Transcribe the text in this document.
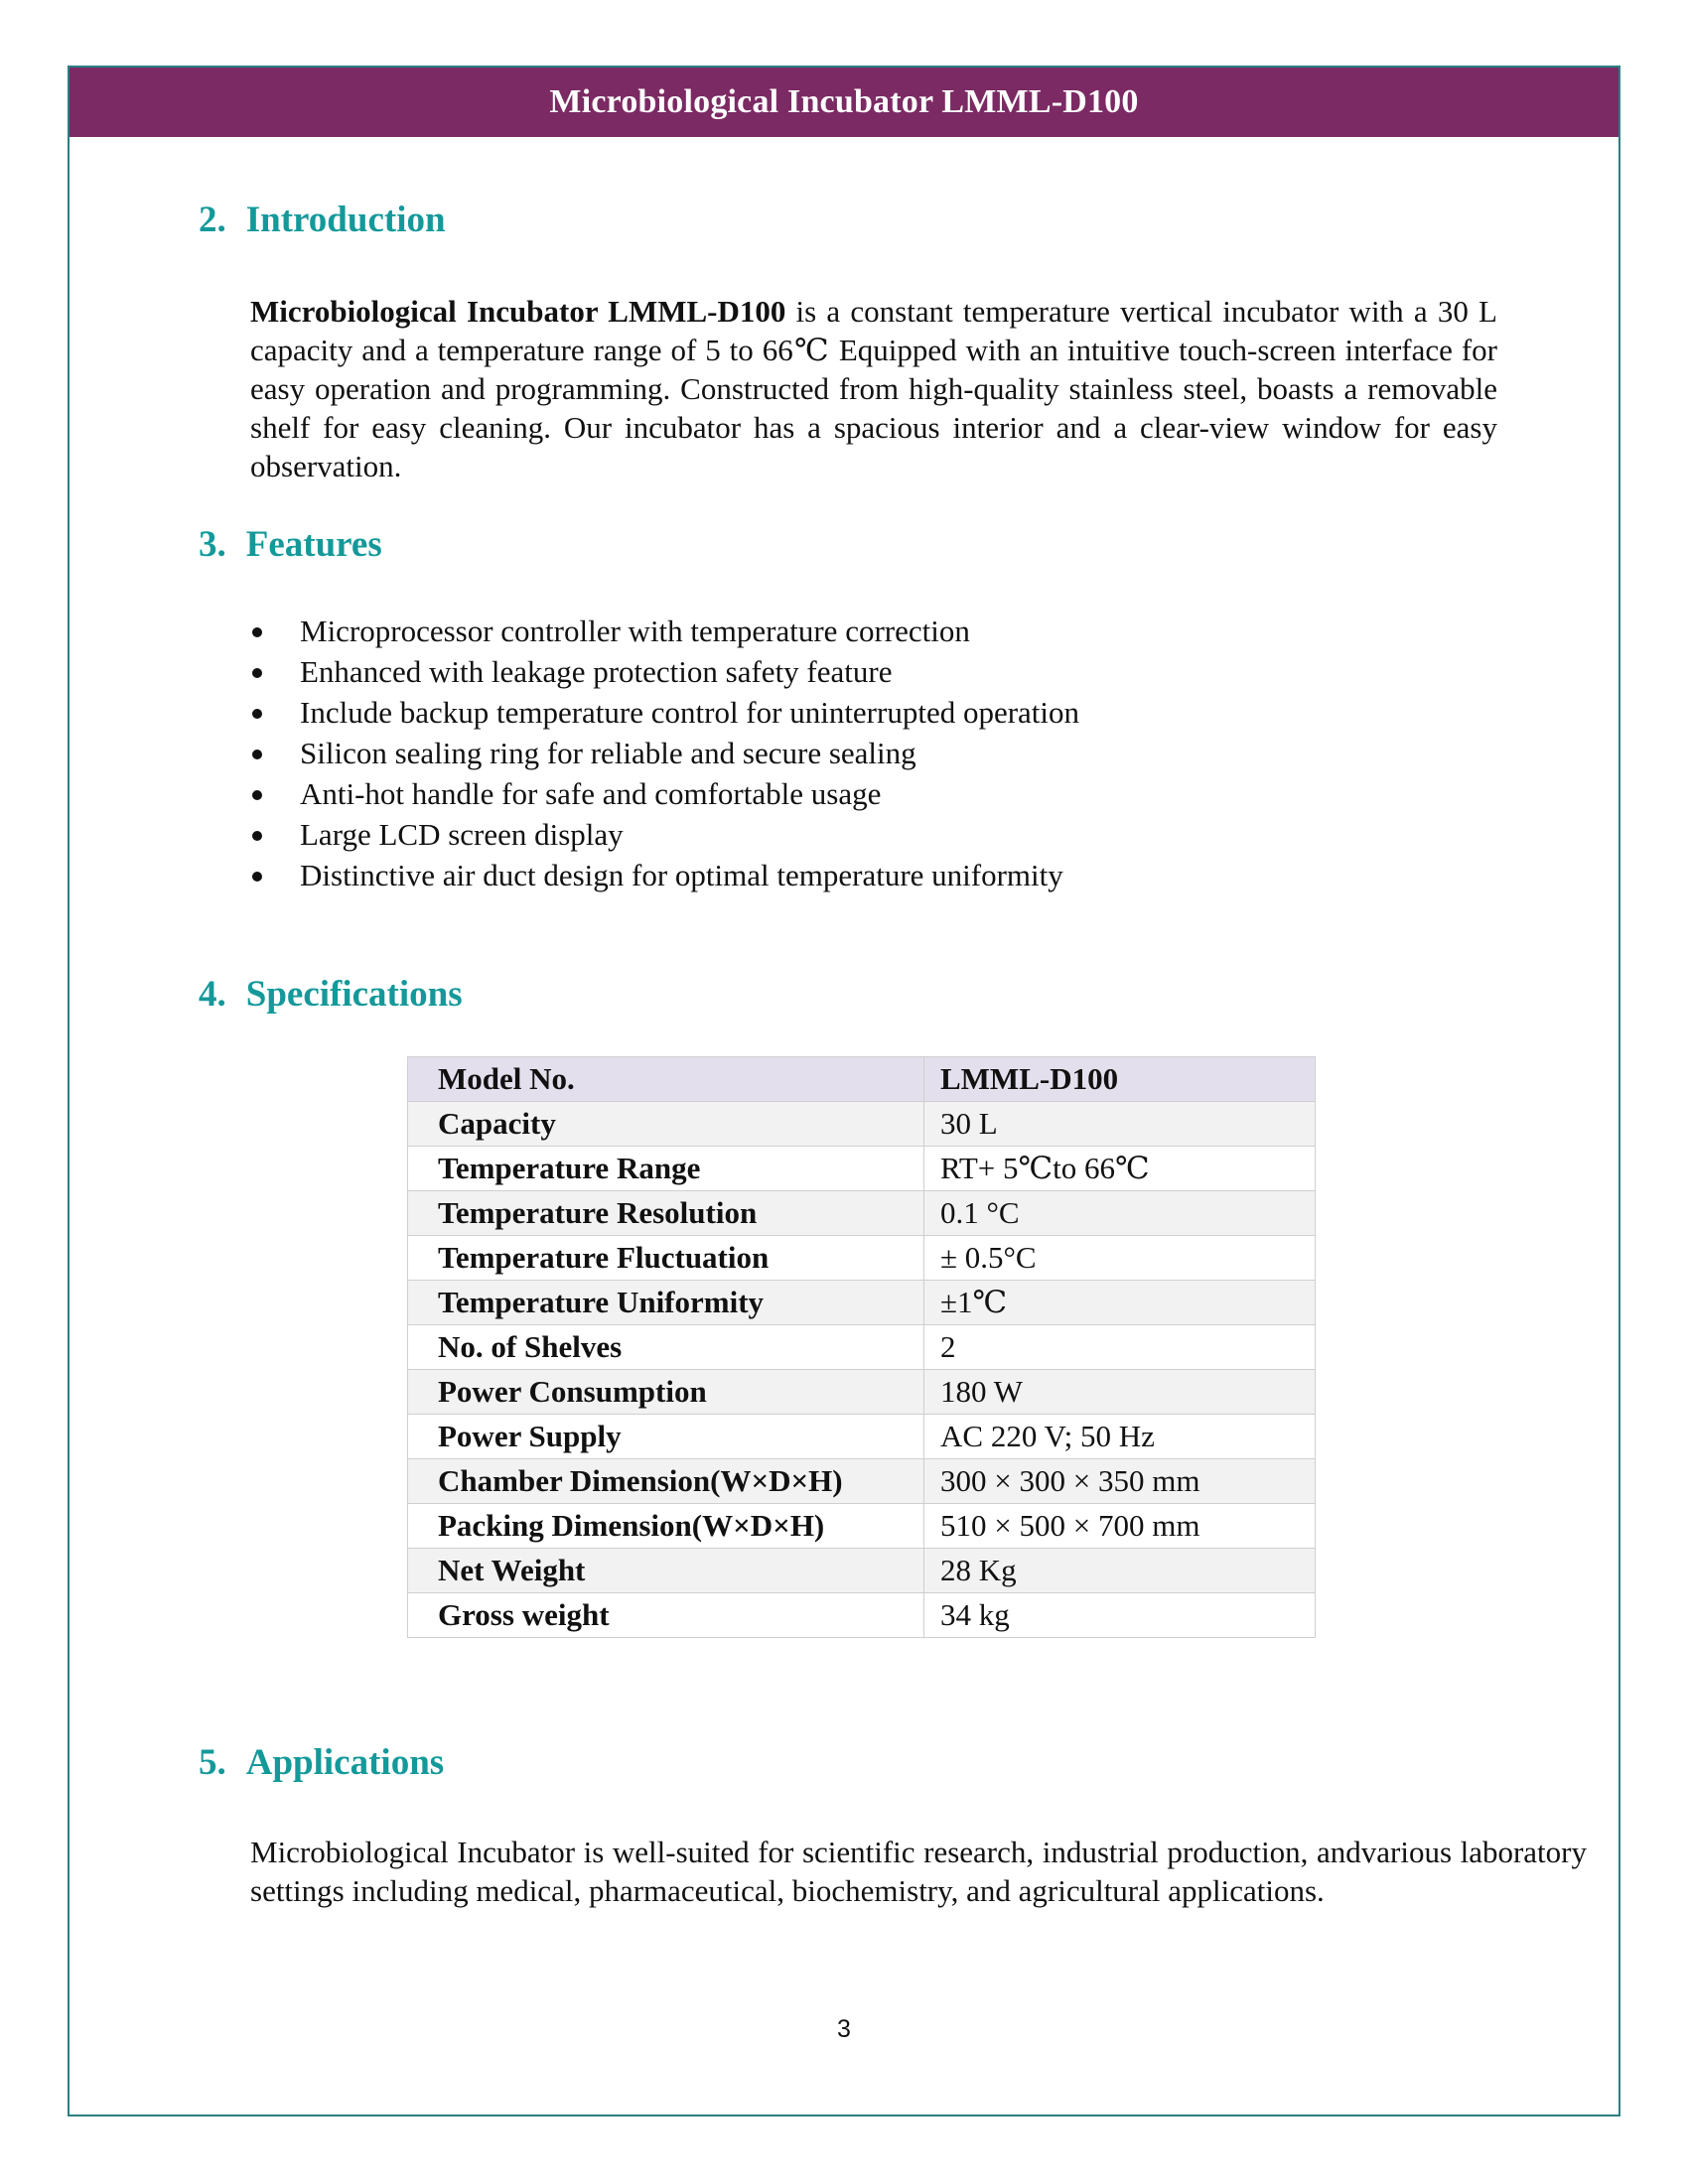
Microbiological Incubator LMML-D100
2. Introduction

Microbiological Incubator LMML-D100 is a constant temperature vertical incubator with a 30 L capacity and a temperature range of 5 to 66℃ Equipped with an intuitive touch-screen interface for easy operation and programming. Constructed from high-quality stainless steel, boasts a removable shelf for easy cleaning. Our incubator has a spacious interior and a clear-view window for easy observation.

3. Features
Microprocessor controller with temperature correction
Enhanced with leakage protection safety feature
Include backup temperature control for uninterrupted operation
Silicon sealing ring for reliable and secure sealing
Anti-hot handle for safe and comfortable usage
Large LCD screen display
Distinctive air duct design for optimal temperature uniformity
4. Specifications
Model No.	LMML-D100
Capacity	30 L
Temperature Range	RT+ 5℃to 66℃
Temperature Resolution	0.1 °C
Temperature Fluctuation	± 0.5°C
Temperature Uniformity	±1℃
No. of Shelves	2
Power Consumption	180 W
Power Supply	AC 220 V; 50 Hz
Chamber Dimension(W×D×H)	300 × 300 × 350 mm
Packing Dimension(W×D×H)	510 × 500 × 700 mm
Net Weight	28 Kg
Gross weight	34 kg
5. Applications

Microbiological Incubator is well-suited for scientific research, industrial production, andvarious laboratory settings including medical, pharmaceutical, biochemistry, and agricultural applications.

3
